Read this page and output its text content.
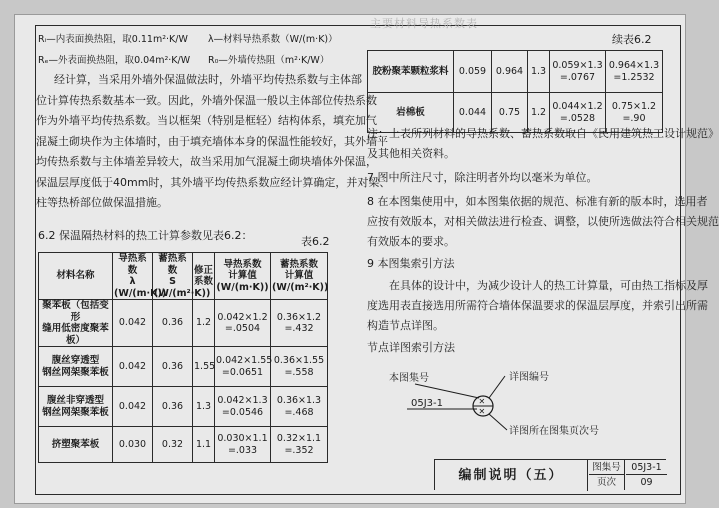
主要材料导热系数表
Rᵢ—内表面换热阻，取0.11m²·K/W λ—材料导热系数（W/(m·K)）
Rₑ—外表面换热阻，取0.04m²·K/W R₀—外墙传热阻（m²·K/W）
经计算，当采用外墙外保温做法时，外墙平均传热系数与主体部
位计算传热系数基本一致。因此，外墙外保温一般以主体部位传热系数
作为外墙平均传热系数。当以框架（特别是框轻）结构体系，填充加气
混凝土砌块作为主体墙时，由于填充墙体本身的保温性能较好，其外墙平
均传热系数与主体墙差异较大，故当采用加气混凝土砌块墙体外保温，
保温层厚度低于40mm时，其外墙平均传热系数应经计算确定，并对梁、
柱等热桥部位做保温措施。
6.2 保温隔热材料的热工计算参数见表6.2：	表6.2
材料名称	导热系数
λ
(W/(m·K))	蓄热系数
S
(W/(m²·K))	修正
系数	导热系数
计算值
(W/(m·K))	蓄热系数
计算值
(W/(m²·K))
聚苯板（包括变形
缝用低密度聚苯板）	0.042	0.36	1.2	0.042×1.2
=.0504	0.36×1.2
=.432
腹丝穿透型
钢丝网架聚苯板	0.042	0.36	1.55	0.042×1.55
=0.0651	0.36×1.55
=.558
腹丝非穿透型
钢丝网架聚苯板	0.042	0.36	1.3	0.042×1.3
=0.0546	0.36×1.3
=.468
挤塑聚苯板	0.030	0.32	1.1	0.030×1.1
=.033	0.32×1.1
=.352
续表6.2
胶粉聚苯颗粒浆料	0.059	0.964	1.3	0.059×1.3
=.0767	0.964×1.3
=1.2532
岩棉板	0.044	0.75	1.2	0.044×1.2
=.0528	0.75×1.2
=.90
注：上表所列材料的导热系数、蓄热系数取自《民用建筑热工设计规范》
及其他相关资料。
7 图中所注尺寸，除注明者外均以毫米为单位。
8 在本图集使用中，如本图集依据的规范、标准有新的版本时，选用者
应按有效版本，对相关做法进行检查、调整，以使所选做法符合相关规范
有效版本的要求。
9 本图集索引方法
在具体的设计中，为减少设计人的热工计算量，可由热工指标及厚
度选用表直接选用所需符合墙体保温要求的保温层厚度，并索引出所需
构造节点详图。
节点详图索引方法
本图集号
05J3-1	✕
✕
详图编号
详图所在图集页次号
编制说明（五）
图集号	05J3-1
页次	09
